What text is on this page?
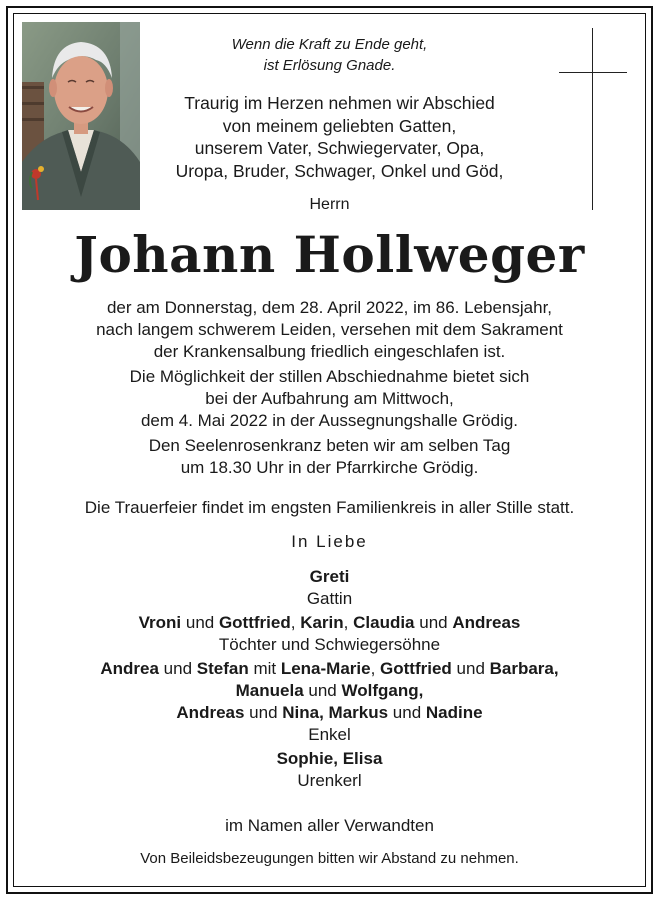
Wenn die Kraft zu Ende geht,
ist Erlösung Gnade.
Traurig im Herzen nehmen wir Abschied
von meinem geliebten Gatten,
unserem Vater, Schwiegervater, Opa,
Uropa, Bruder, Schwager, Onkel und Göd,
Herrn
Johann Hollweger
der am Donnerstag, dem 28. April 2022, im 86. Lebensjahr,
nach langem schwerem Leiden, versehen mit dem Sakrament
der Krankensalbung friedlich eingeschlafen ist.
Die Möglichkeit der stillen Abschiednahme bietet sich
bei der Aufbahrung am Mittwoch,
dem 4. Mai 2022 in der Aussegnungshalle Grödig.
Den Seelenrosenkranz beten wir am selben Tag
um 18.30 Uhr in der Pfarrkirche Grödig.
Die Trauerfeier findet im engsten Familienkreis in aller Stille statt.
In Liebe
Greti
Gattin
Vroni und Gottfried, Karin, Claudia und Andreas
Töchter und Schwiegersöhne
Andrea und Stefan mit Lena-Marie, Gottfried und Barbara,
Manuela und Wolfgang,
Andreas und Nina, Markus und Nadine
Enkel
Sophie, Elisa
Urenkerl
im Namen aller Verwandten
Von Beileidsbezeugungen bitten wir Abstand zu nehmen.
